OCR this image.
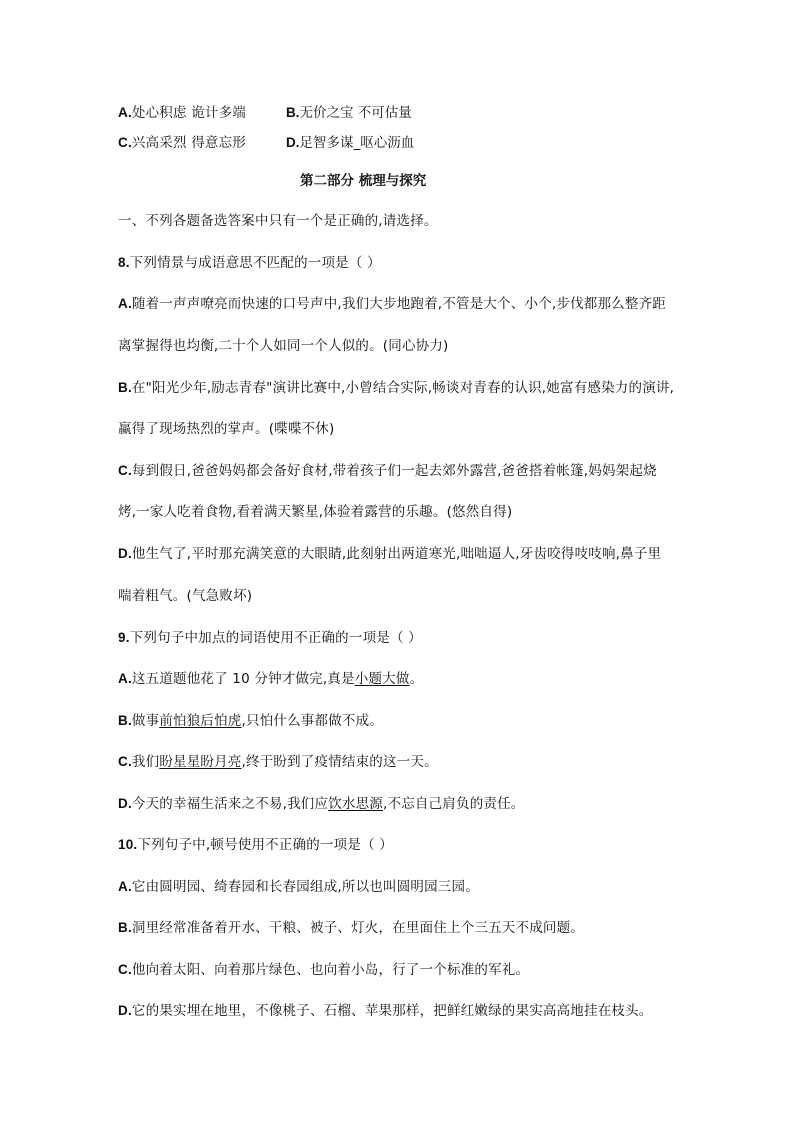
A.处心积虑 诡计多端	B.无价之宝 不可估量
C.兴高采烈 得意忘形	D.足智多谋_呕心沥血
第二部分 梳理与探究
一、不列各题备选答案中只有一个是正确的,请选择。
8.下列情景与成语意思不匹配的一项是（ ）
A.随着一声声嘹亮而快速的口号声中,我们大步地跑着,不管是大个、小个,步伐都那么整齐距
离掌握得也均衡,二十个人如同一个人似的。(同心协力)
B.在"阳光少年,励志青春"演讲比赛中,小曾结合实际,畅谈对青春的认识,她富有感染力的演讲,
赢得了现场热烈的掌声。(喋喋不休)
C.每到假日,爸爸妈妈都会备好食材,带着孩子们一起去郊外露营,爸爸搭着帐篷,妈妈架起烧
烤,一家人吃着食物,看着满天繁星,体验着露营的乐趣。(悠然自得)
D.他生气了,平时那充满笑意的大眼睛,此刻射出两道寒光,咄咄逼人,牙齿咬得吱吱响,鼻子里
喘着粗气。(气急败坏)
9.下列句子中加点的词语使用不正确的一项是（ ）
A.这五道题他花了 10 分钟才做完,真是小题大做。
B.做事前怕狼后怕虎,只怕什么事都做不成。
C.我们盼星星盼月亮,终于盼到了疫情结束的这一天。
D.今天的幸福生活来之不易,我们应饮水思源,不忘自己肩负的责任。
10.下列句子中,顿号使用不正确的一项是（ ）
A.它由圆明园、绮春园和长春园组成,所以也叫圆明园三园。
B.洞里经常准备着开水、干粮、被子、灯火，在里面住上个三五天不成问题。
C.他向着太阳、向着那片绿色、也向着小岛，行了一个标准的军礼。
D.它的果实埋在地里，不像桃子、石榴、苹果那样，把鲜红嫩绿的果实高高地挂在枝头。
